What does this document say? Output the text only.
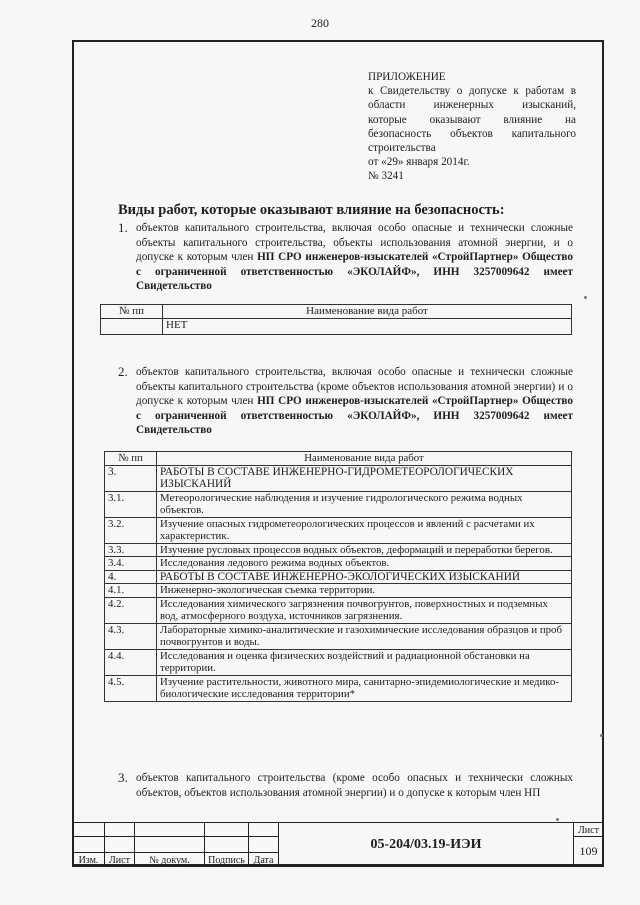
280
ПРИЛОЖЕНИЕ
к Свидетельству о допуске к работам в
области инженерных изысканий,
которые оказывают влияние на
безопасность объектов капитального
строительства
от «29» января 2014г.
№ 3241
Виды работ, которые оказывают влияние на безопасность:
1. объектов капитального строительства, включая особо опасные и технически сложные объекты капитального строительства, объекты использования атомной энергии, и о допуске к которым член НП СРО инженеров-изыскателей «СтройПартнер» Общество с ограниченной ответственностью «ЭКОЛАЙФ», ИНН 3257009642 имеет Свидетельство
№ пп	Наименование вида работ
	НЕТ
2. объектов капитального строительства, включая особо опасные и технически сложные объекты капитального строительства (кроме объектов использования атомной энергии) и о допуске к которым член НП СРО инженеров-изыскателей «СтройПартнер» Общество с ограниченной ответственностью «ЭКОЛАЙФ», ИНН 3257009642 имеет Свидетельство
№ пп	Наименование вида работ
3.	РАБОТЫ В СОСТАВЕ ИНЖЕНЕРНО-ГИДРОМЕТЕОРОЛОГИЧЕСКИХ ИЗЫСКАНИЙ
3.1.	Метеорологические наблюдения и изучение гидрологического режима водных объектов.
3.2.	Изучение опасных гидрометеорологических процессов и явлений с расчетами их характеристик.
3.3.	Изучение русловых процессов водных объектов, деформаций и переработки берегов.
3.4.	Исследования ледового режима водных объектов.
4.	РАБОТЫ В СОСТАВЕ ИНЖЕНЕРНО-ЭКОЛОГИЧЕСКИХ ИЗЫСКАНИЙ
4.1.	Инженерно-экологическая съемка территории.
4.2.	Исследования химического загрязнения почвогрунтов, поверхностных и подземных вод, атмосферного воздуха, источников загрязнения.
4.3.	Лабораторные химико-аналитические и газохимические исследования образцов и проб почвогрунтов и воды.
4.4.	Исследования и оценка физических воздействий и радиационной обстановки на территории.
4.5.	Изучение растительности, животного мира, санитарно-эпидемиологические и медико-биологические исследования территории*
3. объектов капитального строительства (кроме особо опасных и технически сложных объектов, объектов использования атомной энергии) и о допуске к которым член НП
					05-204/03.19-ИЭИ	Лист
						109
Изм.	Лист	№ докум.	Подпись	Дата		
